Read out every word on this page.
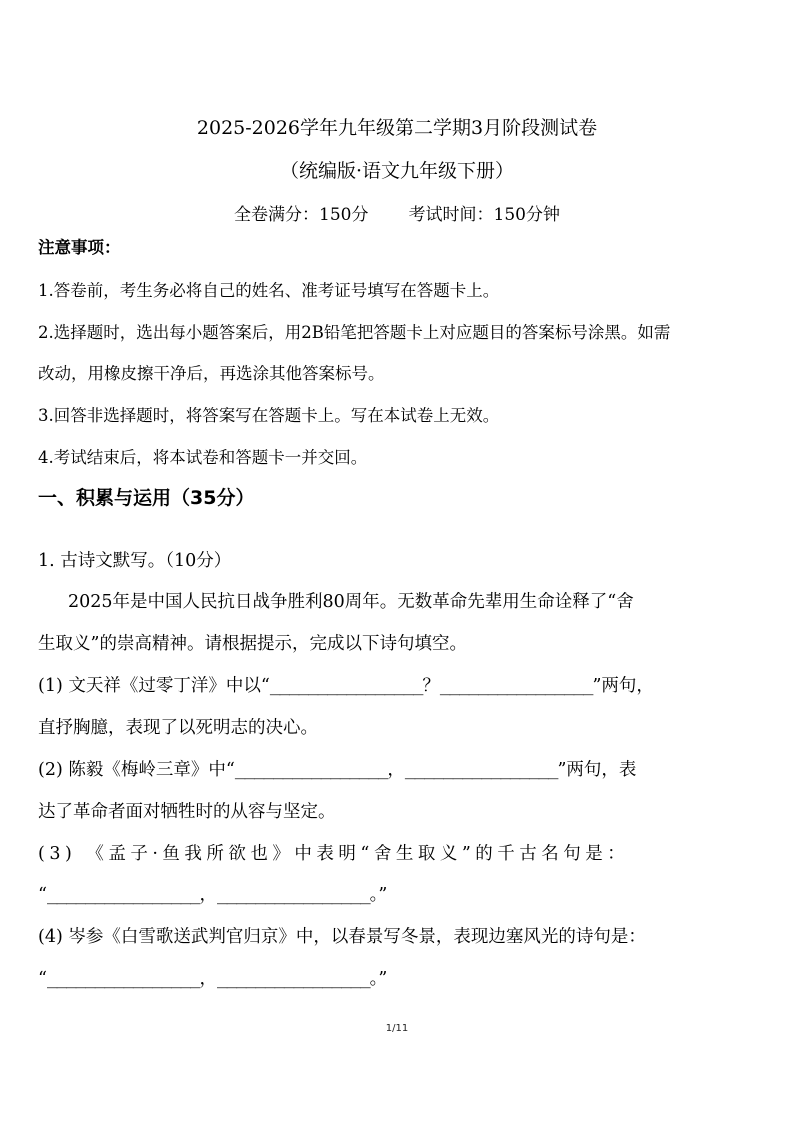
2025-2026学年九年级第二学期3月阶段测试卷
（统编版·语文九年级下册）
全卷满分：150分 考试时间：150分钟
注意事项：
1.答卷前，考生务必将自己的姓名、准考证号填写在答题卡上。
2.选择题时，选出每小题答案后，用2B铅笔把答题卡上对应题目的答案标号涂黑。如需
改动，用橡皮擦干净后，再选涂其他答案标号。
3.回答非选择题时，将答案写在答题卡上。写在本试卷上无效。
4.考试结束后，将本试卷和答题卡一并交回。
一、积累与运用（35分）
1. 古诗文默写。（10分）
2025年是中国人民抗日战争胜利80周年。无数革命先辈用生命诠释了“舍
生取义”的崇高精神。请根据提示，完成以下诗句填空。
(1) 文天祥《过零丁洋》中以“________________？________________”两句，
直抒胸臆，表现了以死明志的决心。
(2) 陈毅《梅岭三章》中“________________，________________”两句，表
达了革命者面对牺牲时的从容与坚定。
(3) 《孟子·鱼我所欲也》中表明“舍生取义”的千古名句是：
“________________，________________。”
(4) 岑参《白雪歌送武判官归京》中，以春景写冬景，表现边塞风光的诗句是：
“________________，________________。”
1/11
